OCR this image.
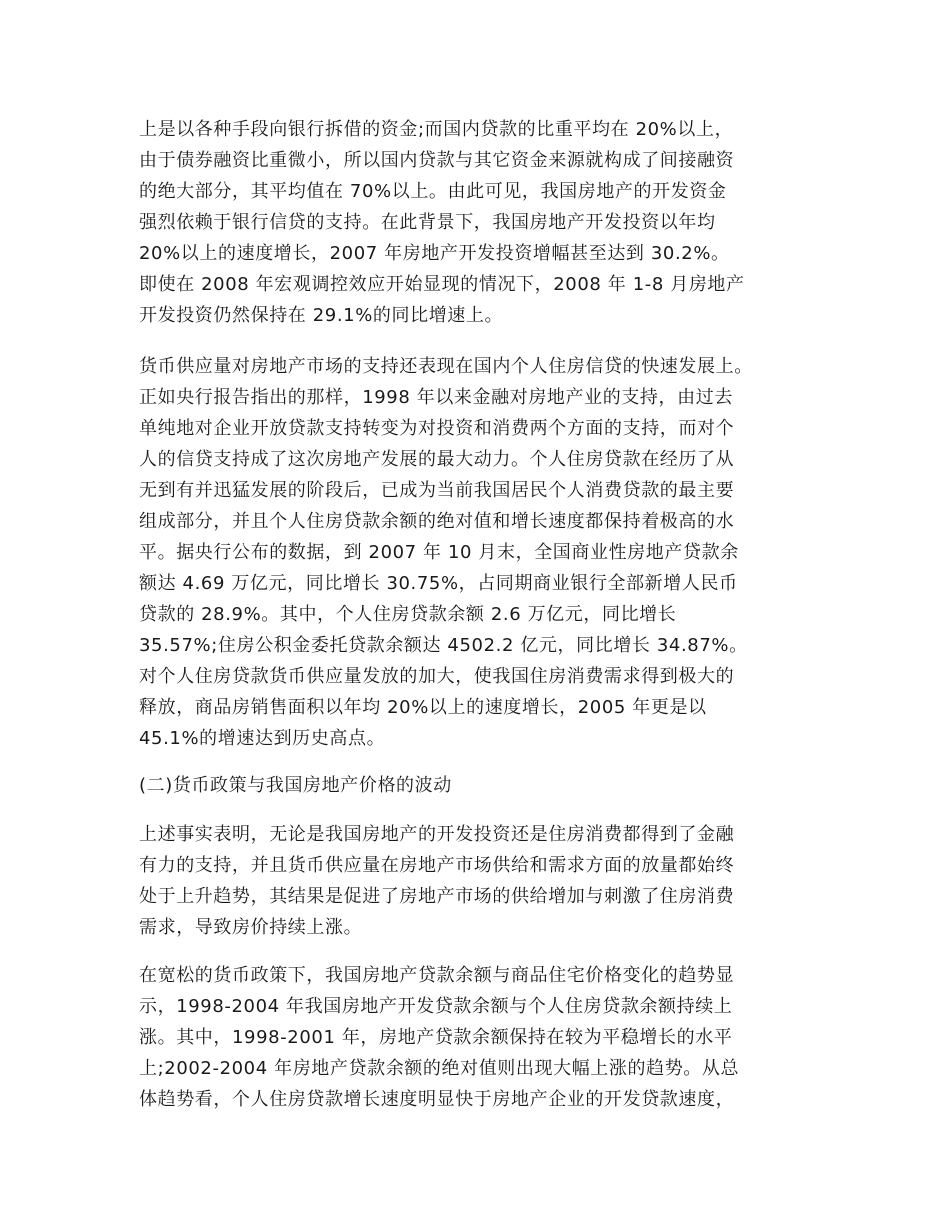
上是以各种手段向银行拆借的资金;而国内贷款的比重平均在 20%以上，
由于债券融资比重微小，所以国内贷款与其它资金来源就构成了间接融资
的绝大部分，其平均值在 70%以上。由此可见，我国房地产的开发资金
强烈依赖于银行信贷的支持。在此背景下，我国房地产开发投资以年均
20%以上的速度增长，2007 年房地产开发投资增幅甚至达到 30.2%。
即使在 2008 年宏观调控效应开始显现的情况下，2008 年 1-8 月房地产
开发投资仍然保持在 29.1%的同比增速上。

货币供应量对房地产市场的支持还表现在国内个人住房信贷的快速发展上。
正如央行报告指出的那样，1998 年以来金融对房地产业的支持，由过去
单纯地对企业开放贷款支持转变为对投资和消费两个方面的支持，而对个
人的信贷支持成了这次房地产发展的最大动力。个人住房贷款在经历了从
无到有并迅猛发展的阶段后，已成为当前我国居民个人消费贷款的最主要
组成部分，并且个人住房贷款余额的绝对值和增长速度都保持着极高的水
平。据央行公布的数据，到 2007 年 10 月末，全国商业性房地产贷款余
额达 4.69 万亿元，同比增长 30.75%，占同期商业银行全部新增人民币
贷款的 28.9%。其中，个人住房贷款余额 2.6 万亿元，同比增长
35.57%;住房公积金委托贷款余额达 4502.2 亿元，同比增长 34.87%。
对个人住房贷款货币供应量发放的加大，使我国住房消费需求得到极大的
释放，商品房销售面积以年均 20%以上的速度增长，2005 年更是以
45.1%的增速达到历史高点。

(二)货币政策与我国房地产价格的波动

上述事实表明，无论是我国房地产的开发投资还是住房消费都得到了金融
有力的支持，并且货币供应量在房地产市场供给和需求方面的放量都始终
处于上升趋势，其结果是促进了房地产市场的供给增加与刺激了住房消费
需求，导致房价持续上涨。

在宽松的货币政策下，我国房地产贷款余额与商品住宅价格变化的趋势显
示，1998-2004 年我国房地产开发贷款余额与个人住房贷款余额持续上
涨。其中，1998-2001 年，房地产贷款余额保持在较为平稳增长的水平
上;2002-2004 年房地产贷款余额的绝对值则出现大幅上涨的趋势。从总
体趋势看，个人住房贷款增长速度明显快于房地产企业的开发贷款速度，
